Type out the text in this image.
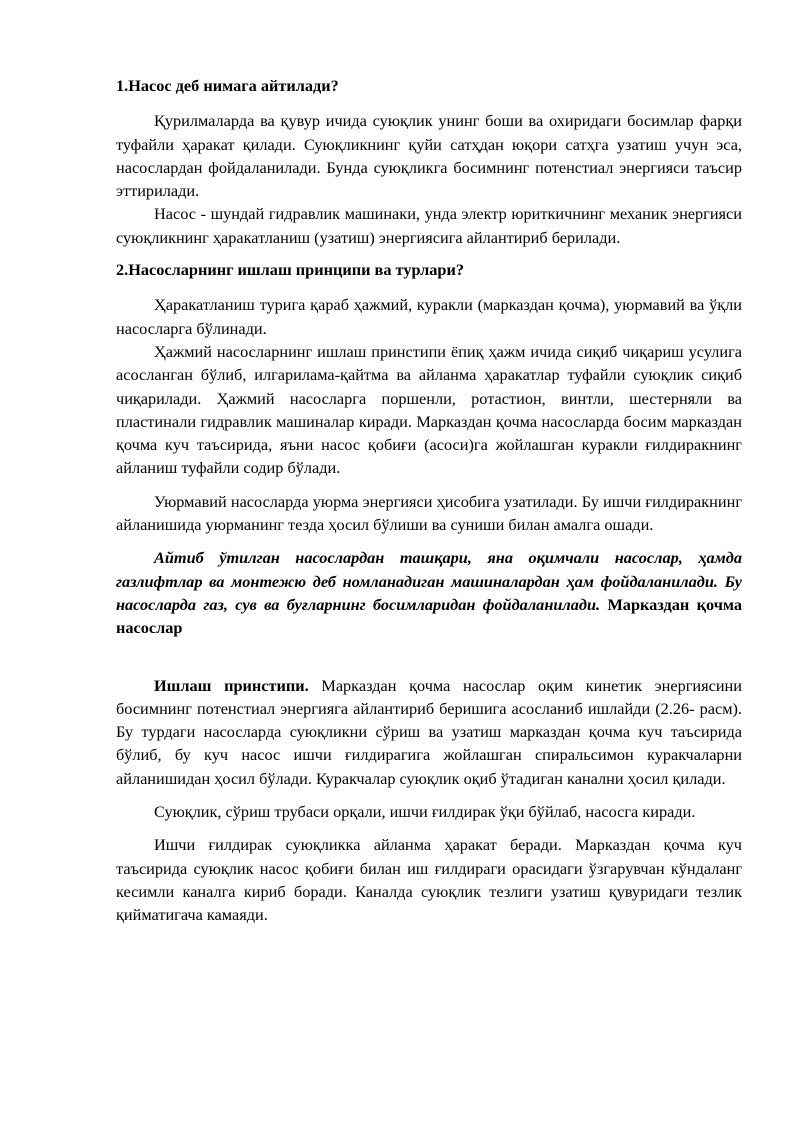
1.Насос деб нимага айтилади?

Қурилмаларда ва қувур ичида суюқлик унинг боши ва охиридаги босимлар фарқи туфайли ҳаракат қилади. Суюқликнинг қуйи сатҳдан юқори сатҳга узатиш учун эса, насослардан фойдаланилади. Бунда суюқликга босимнинг потенстиал энергияси таъсир эттирилади.

Насос - шундай гидравлик машинаки, унда электр юриткичнинг механик энергияси суюқликнинг ҳаракатланиш (узатиш) энергиясига айлантириб берилади.

2.Насосларнинг ишлаш принципи ва турлари?

Ҳаракатланиш турига қараб ҳажмий, куракли (марказдан қочма), уюрмавий ва ўқли насосларга бўлинади.

Ҳажмий насосларнинг ишлаш принстипи ёпиқ ҳажм ичида сиқиб чиқариш усулига асосланган бўлиб, илгарилама-қайтма ва айланма ҳаракатлар туфайли суюқлик сиқиб чиқарилади. Ҳажмий насосларга поршенли, ротастион, винтли, шестерняли ва пластинали гидравлик машиналар киради. Марказдан қочма насосларда босим марказдан қочма куч таъсирида, яъни насос қобиғи (асоси)га жойлашган куракли ғилдиракнинг айланиш туфайли содир бўлади.

Уюрмавий насосларда уюрма энергияси ҳисобига узатилади. Бу ишчи ғилдиракнинг айланишида уюрманинг тезда ҳосил бўлиши ва суниши билан амалга ошади.

Айтиб ўтилган насослардан ташқари, яна оқимчали насослар, ҳамда газлифтлар ва монтежю деб номланадиган машиналардан ҳам фойдаланилади. Бу насосларда газ, сув ва буғларнинг босимларидан фойдаланилади. Марказдан қочма насослар

Ишлаш принстипи. Марказдан қочма насослар оқим кинетик энергиясини босимнинг потенстиал энергияга айлантириб беришига асосланиб ишлайди (2.26- расм). Бу турдаги насосларда суюқликни сўриш ва узатиш марказдан қочма куч таъсирида бўлиб, бу куч насос ишчи ғилдирагига жойлашган спиральсимон куракчаларни айланишидан ҳосил бўлади. Куракчалар суюқлик оқиб ўтадиган канални ҳосил қилади.

Суюқлик, сўриш трубаси орқали, ишчи ғилдирак ўқи бўйлаб, насосга киради.

Ишчи ғилдирак суюқликка айланма ҳаракат беради. Марказдан қочма куч таъсирида суюқлик насос қобиғи билан иш ғилдираги орасидаги ўзгарувчан кўндаланг кесимли каналга кириб боради. Каналда суюқлик тезлиги узатиш қувуридаги тезлик қийматигача камаяди.
